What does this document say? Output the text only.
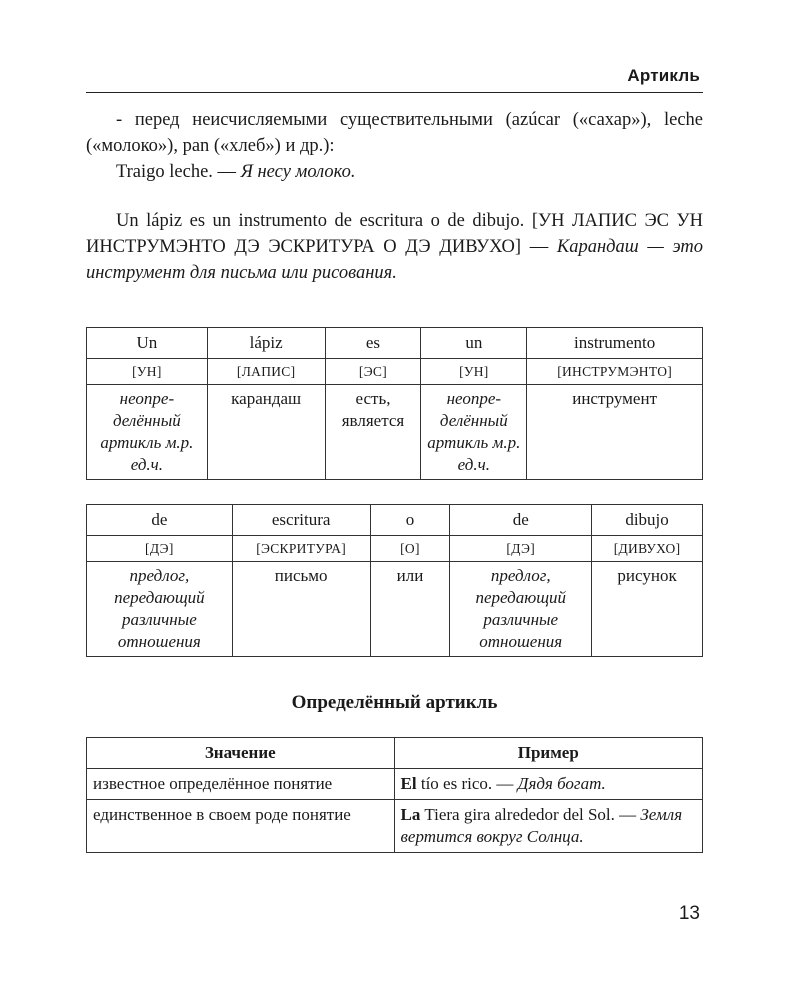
Артикль
- перед неисчисляемыми существительными (azúcar («сахар»), leche («молоко»), pan («хлеб») и др.):
Traigo leche. — Я несу молоко.
Un lápiz es un instrumento de escritura o de dibujo. [УН ЛАПИС ЭС УН ИНСТРУМЭНТО ДЭ ЭСКРИТУРА О ДЭ ДИВУХО] — Карандаш — это инструмент для письма или рисования.
Un	lápiz	es	un	instrumento
[УН]	[ЛАПИС]	[ЭС]	[УН]	[ИНСТРУМЭНТО]
неопре-делённый артикль м.р. ед.ч.	карандаш	есть, является	неопре-делённый артикль м.р. ед.ч.	инструмент
de	escritura	o	de	dibujo
[ДЭ]	[ЭСКРИТУРА]	[О]	[ДЭ]	[ДИВУХО]
предлог, передающий различные отношения	письмо	или	предлог, передающий различные отношения	рисунок
Определённый артикль
Значение	Пример
известное определённое понятие	El tío es rico. — Дядя богат.
единственное в своем роде понятие	La Tiera gira alrededor del Sol. — Земля вертится вокруг Солнца.
13
